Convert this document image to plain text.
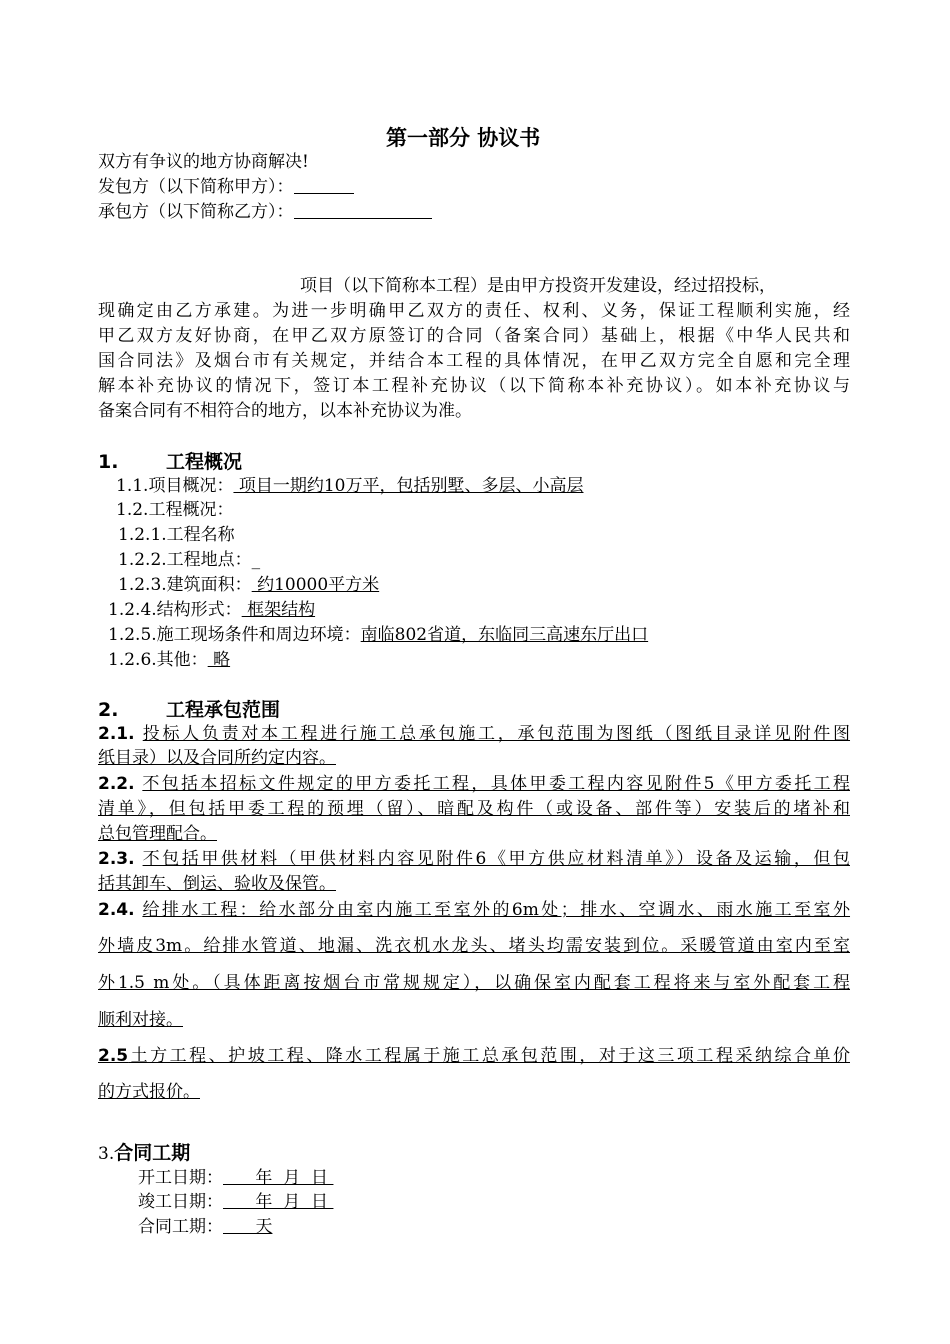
第一部分 协议书
双方有争议的地方协商解决!
发包方（以下简称甲方）：
承包方（以下简称乙方）：
项目（以下简称本工程）是由甲方投资开发建设，经过招投标，
现确定由乙方承建。为进一步明确甲乙双方的责任、权利、义务，保证工程顺利实施，经
甲乙双方友好协商，在甲乙双方原签订的合同（备案合同）基础上，根据《中华人民共和
国合同法》及烟台市有关规定，并结合本工程的具体情况，在甲乙双方完全自愿和完全理
解本补充协议的情况下，签订本工程补充协议（以下简称本补充协议）。如本补充协议与
备案合同有不相符合的地方，以本补充协议为准。
1.	工程概况
1.1.项目概况： 项目一期约10万平，包括别墅、多层、小高层
1.2.工程概况：
1.2.1.工程名称
1.2.2.工程地点：_
1.2.3.建筑面积： 约10000平方米
1.2.4.结构形式： 框架结构
1.2.5.施工现场条件和周边环境：南临802省道，东临同三高速东厅出口
1.2.6.其他： 略
2.	工程承包范围
2.1. 投标人负责对本工程进行施工总承包施工，承包范围为图纸（图纸目录详见附件图
纸目录）以及合同所约定内容。
2.2. 不包括本招标文件规定的甲方委托工程，具体甲委工程内容见附件5《甲方委托工程
清单》，但包括甲委工程的预埋（留）、暗配及构件（或设备、部件等）安装后的堵补和
总包管理配合。
2.3. 不包括甲供材料（甲供材料内容见附件6《甲方供应材料清单》）设备及运输，但包
括其卸车、倒运、验收及保管。
2.4. 给排水工程：给水部分由室内施工至室外的6m处；排水、空调水、雨水施工至室外
外墙皮3m。给排水管道、地漏、洗衣机水龙头、堵头均需安装到位。采暖管道由室内至室
外1.5 m处。（具体距离按烟台市常规规定），以确保室内配套工程将来与室外配套工程
顺利对接。
2.5土方工程、护坡工程、降水工程属于施工总承包范围，对于这三项工程采纳综合单价
的方式报价。
3.合同工期
开工日期：      年  月  日
竣工日期：      年  月  日
合同工期：      天
